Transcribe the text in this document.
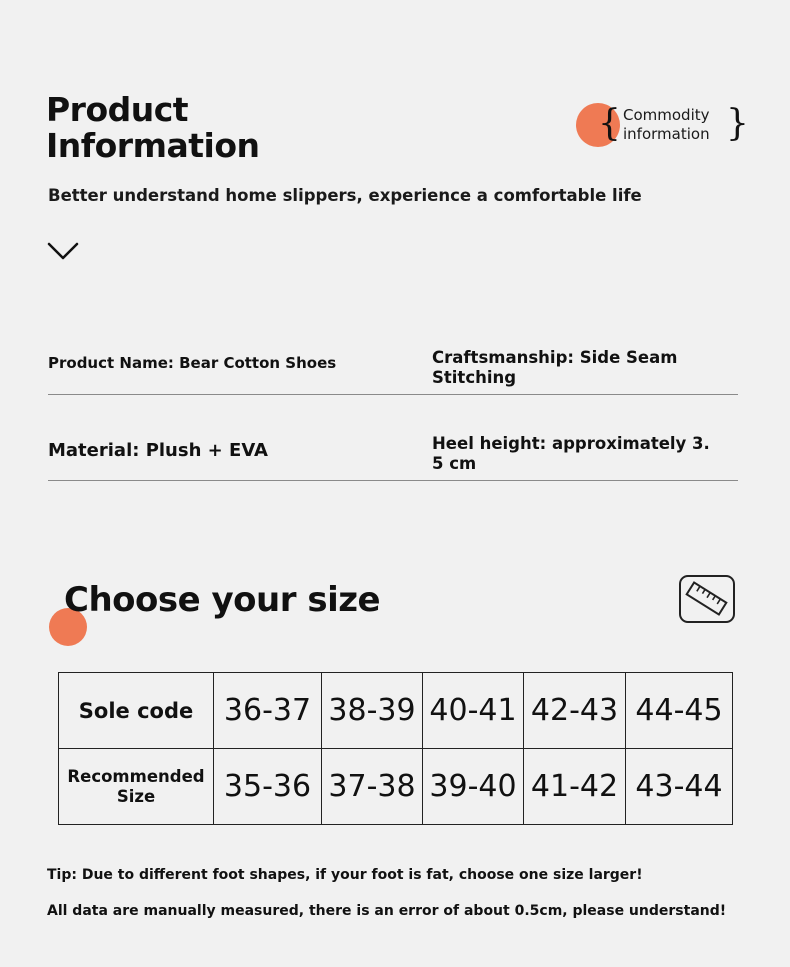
Product
Information
{ Commodity
information }
Better understand home slippers, experience a comfortable life
Product Name: Bear Cotton Shoes	Craftsmanship: Side Seam
Stitching
Material: Plush + EVA	Heel height: approximately 3.
5 cm
Choose your size
Sole code	36-37	38-39	40-41	42-43	44-45

Recommended
Size	35-36	37-38	39-40	41-42	43-44
Tip: Due to different foot shapes, if your foot is fat, choose one size larger!
All data are manually measured, there is an error of about 0.5cm, please understand!
